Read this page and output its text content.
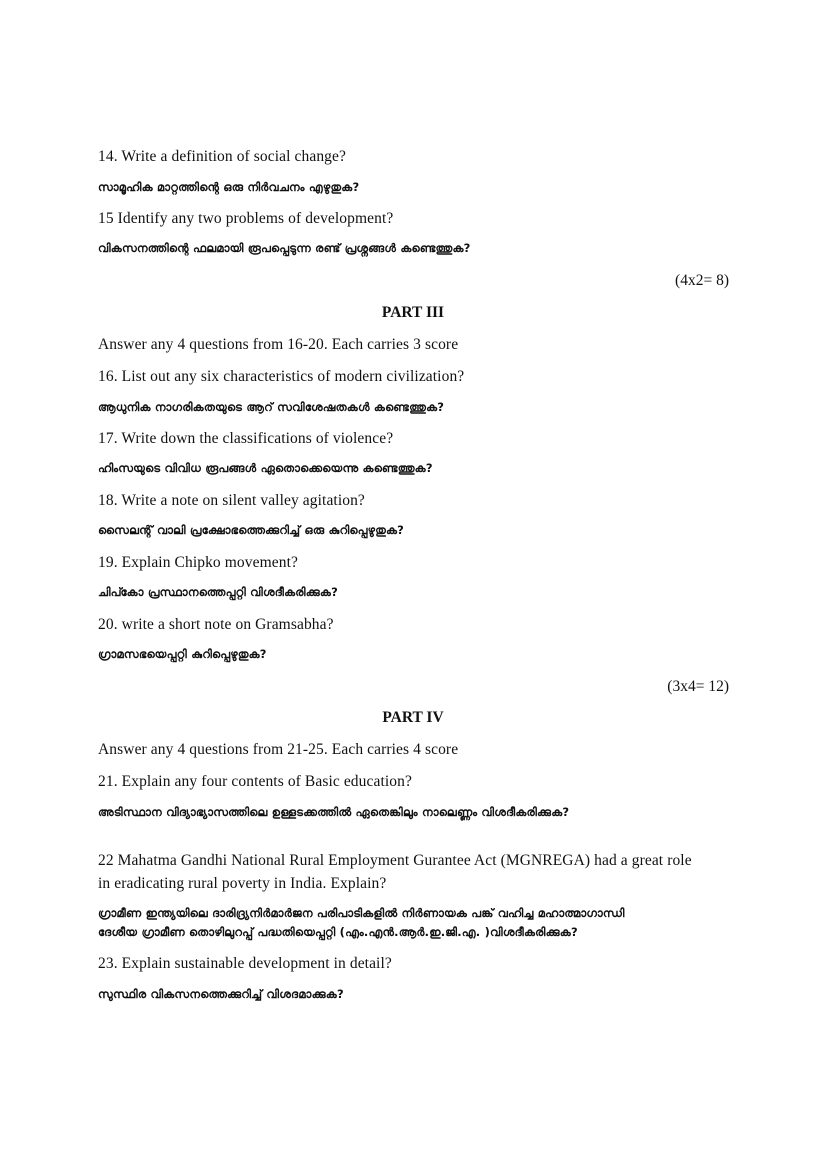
14. Write a definition of social change?
സാമൂഹിക മാറ്റത്തിന്റെ ഒരു നിർവചനം എഴുതുക?
15 Identify any two problems of development?
വികസനത്തിന്റെ ഫലമായി രൂപപ്പെടുന്ന രണ്ട് പ്രശ്നങ്ങൾ കണ്ടെത്തുക?
(4x2= 8)
PART III
Answer any 4 questions from 16-20. Each carries 3 score
16. List out any six characteristics of modern civilization?
ആധുനിക നാഗരികതയുടെ ആറ് സവിശേഷതകൾ കണ്ടെത്തുക?
17. Write down the classifications of violence?
ഹിംസയുടെ വിവിധ രൂപങ്ങൾ ഏതൊക്കെയെന്നു കണ്ടെത്തുക?
18. Write a note on silent valley agitation?
സൈലന്റ് വാലി പ്രക്ഷോഭത്തെക്കുറിച്ച് ഒരു കുറിപ്പെഴുതുക?
19. Explain Chipko movement?
ചിപ്കോ പ്രസ്ഥാനത്തെപ്പറ്റി വിശദീകരിക്കുക?
20. write a short note on Gramsabha?
ഗ്രാമസഭയെപ്പറ്റി കുറിപ്പെഴുതുക?
(3x4= 12)
PART IV
Answer any 4 questions from 21-25. Each carries 4 score
21. Explain any four contents of Basic education?
അടിസ്ഥാന വിദ്യാഭ്യാസത്തിലെ ഉള്ളടക്കത്തിൽ ഏതെങ്കിലും നാലെണ്ണം വിശദീകരിക്കുക?
22 Mahatma Gandhi National Rural Employment Gurantee Act (MGNREGA) had a great role
in eradicating rural poverty in India. Explain?
ഗ്രാമീണ ഇന്ത്യയിലെ ദാരിദ്ര്യനിർമാർജന പരിപാടികളിൽ നിർണായക പങ്ക് വഹിച്ച മഹാത്മാഗാന്ധി
ദേശീയ ഗ്രാമീണ തൊഴിലുറപ്പ് പദ്ധതിയെപ്പറ്റി (എം.എൻ.ആർ.ഇ.ജി.എ. )വിശദീകരിക്കുക?
23. Explain sustainable development in detail?
സുസ്ഥിര വികസനത്തെക്കുറിച്ച് വിശദമാക്കുക?
